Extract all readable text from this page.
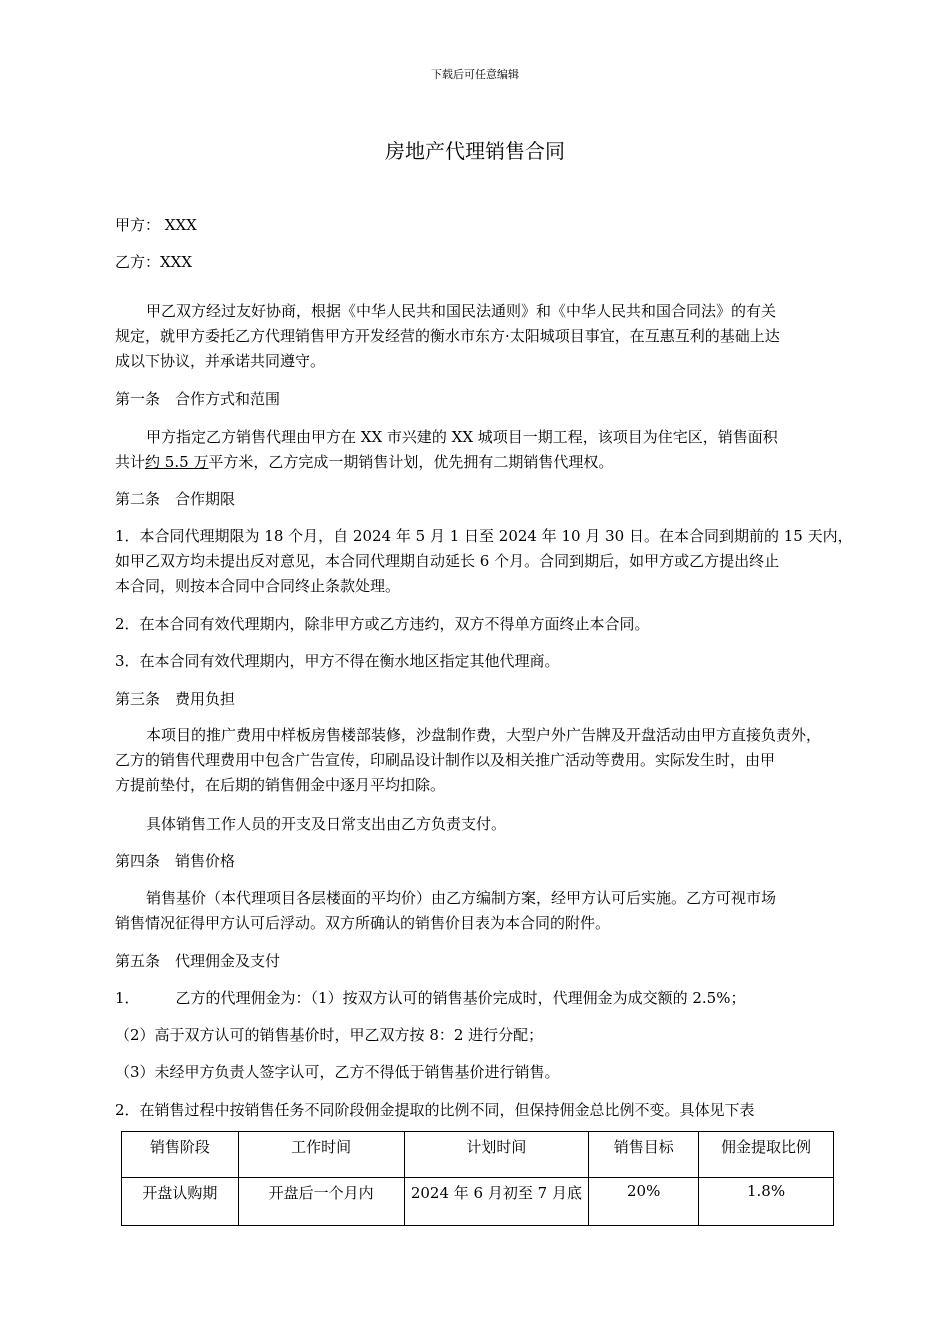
下载后可任意编辑
房地产代理销售合同
甲方： XXX
乙方：XXX
甲乙双方经过友好协商，根据《中华人民共和国民法通则》和《中华人民共和国合同法》的有关
规定，就甲方委托乙方代理销售甲方开发经营的衡水市东方·太阳城项目事宜，在互惠互利的基础上达
成以下协议，并承诺共同遵守。
第一条　合作方式和范围
甲方指定乙方销售代理由甲方在 XX 市兴建的 XX 城项目一期工程，该项目为住宅区，销售面积
共计约 5.5 万平方米，乙方完成一期销售计划，优先拥有二期销售代理权。
第二条　合作期限
1．本合同代理期限为 18 个月，自 2024 年 5 月 1 日至 2024 年 10 月 30 日。在本合同到期前的 15 天内，
如甲乙双方均未提出反对意见，本合同代理期自动延长 6 个月。合同到期后，如甲方或乙方提出终止
本合同，则按本合同中合同终止条款处理。
2．在本合同有效代理期内，除非甲方或乙方违约，双方不得单方面终止本合同。
3．在本合同有效代理期内，甲方不得在衡水地区指定其他代理商。
第三条　费用负担
本项目的推广费用中样板房售楼部装修，沙盘制作费，大型户外广告牌及开盘活动由甲方直接负责外，
乙方的销售代理费用中包含广告宣传，印刷品设计制作以及相关推广活动等费用。实际发生时，由甲
方提前垫付，在后期的销售佣金中逐月平均扣除。
具体销售工作人员的开支及日常支出由乙方负责支付。
第四条　销售价格
销售基价（本代理项目各层楼面的平均价）由乙方编制方案，经甲方认可后实施。乙方可视市场
销售情况征得甲方认可后浮动。双方所确认的销售价目表为本合同的附件。
第五条　代理佣金及支付
1． 乙方的代理佣金为：（1）按双方认可的销售基价完成时，代理佣金为成交额的 2.5%；
（2）高于双方认可的销售基价时，甲乙双方按 8：2 进行分配；
（3）未经甲方负责人签字认可，乙方不得低于销售基价进行销售。
2．在销售过程中按销售任务不同阶段佣金提取的比例不同，但保持佣金总比例不变。具体见下表
销售阶段	工作时间	计划时间	销售目标	佣金提取比例
开盘认购期	开盘后一个月内	2024 年 6 月初至 7 月底	20%	1.8%
